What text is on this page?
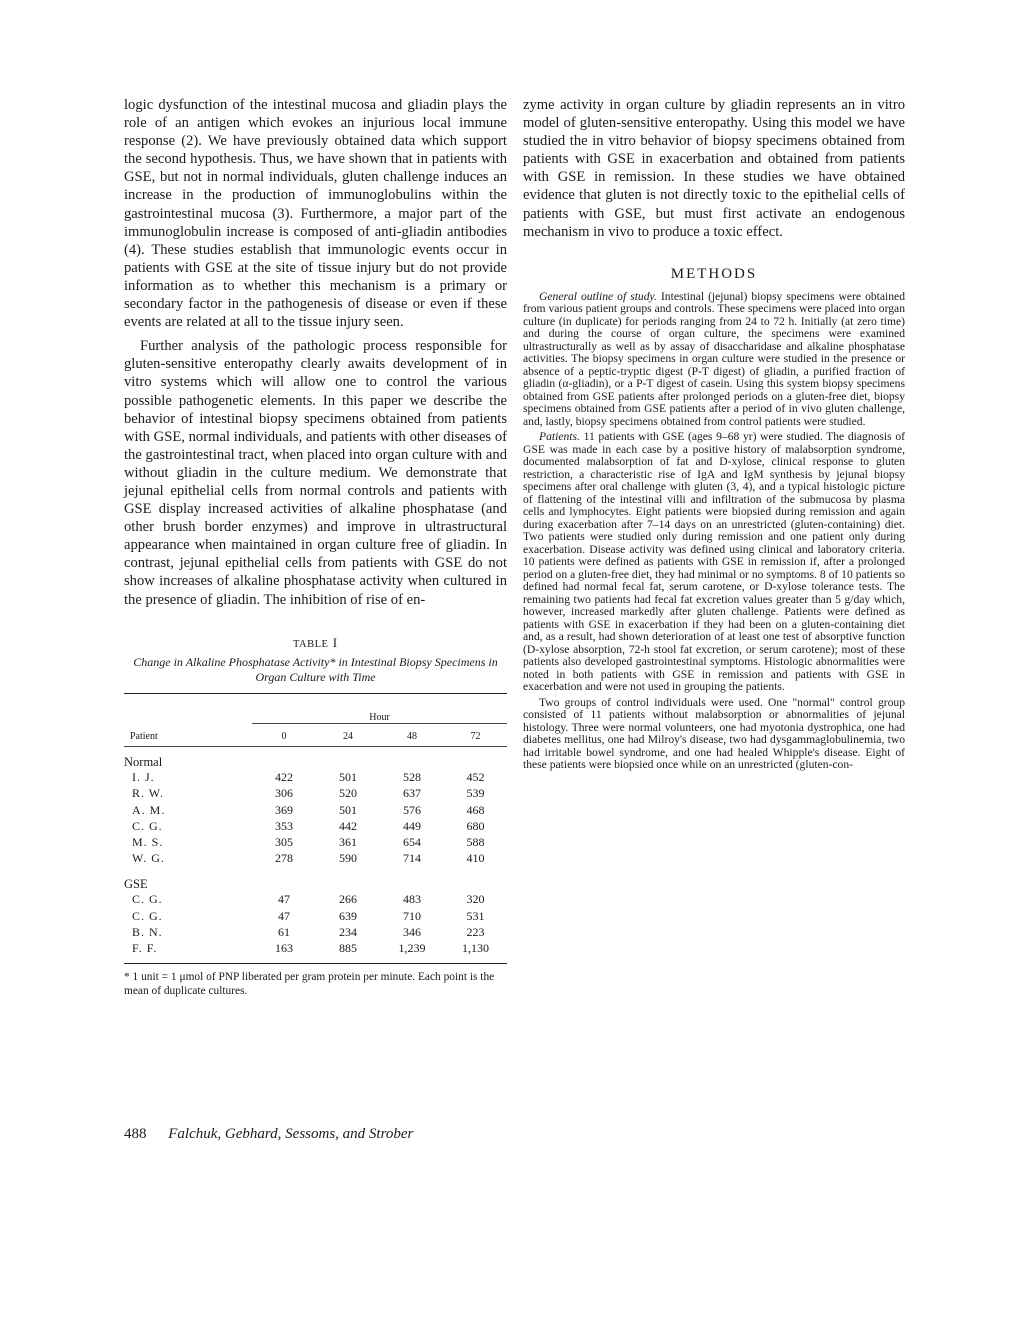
logic dysfunction of the intestinal mucosa and gliadin plays the role of an antigen which evokes an injurious local immune response (2). We have previously obtained data which support the second hypothesis. Thus, we have shown that in patients with GSE, but not in normal individuals, gluten challenge induces an increase in the production of immunoglobulins within the gastrointestinal mucosa (3). Furthermore, a major part of the immunoglobulin increase is composed of anti-gliadin antibodies (4). These studies establish that immunologic events occur in patients with GSE at the site of tissue injury but do not provide information as to whether this mechanism is a primary or secondary factor in the pathogenesis of disease or even if these events are related at all to the tissue injury seen.

Further analysis of the pathologic process responsible for gluten-sensitive enteropathy clearly awaits development of in vitro systems which will allow one to control the various possible pathogenetic elements. In this paper we describe the behavior of intestinal biopsy specimens obtained from patients with GSE, normal individuals, and patients with other diseases of the gastrointestinal tract, when placed into organ culture with and without gliadin in the culture medium. We demonstrate that jejunal epithelial cells from normal controls and patients with GSE display increased activities of alkaline phosphatase (and other brush border enzymes) and improve in ultrastructural appearance when maintained in organ culture free of gliadin. In contrast, jejunal epithelial cells from patients with GSE do not show increases of alkaline phosphatase activity when cultured in the presence of gliadin. The inhibition of rise of en-

TABLE I
Change in Alkaline Phosphatase Activity* in Intestinal Biopsy Specimens in Organ Culture with Time
	Hour			

Patient	0	24	48	72

Normal				
I. J.	422	501	528	452
R. W.	306	520	637	539
A. M.	369	501	576	468
C. G.	353	442	449	680
M. S.	305	361	654	588
W. G.	278	590	714	410
GSE				
C. G.	47	266	483	320
C. G.	47	639	710	531
B. N.	61	234	346	223
F. F.	163	885	1,239	1,130

* 1 unit = 1 μmol of PNP liberated per gram protein per minute. Each point is the mean of duplicate cultures.

zyme activity in organ culture by gliadin represents an in vitro model of gluten-sensitive enteropathy. Using this model we have studied the in vitro behavior of biopsy specimens obtained from patients with GSE in exacerbation and obtained from patients with GSE in remission. In these studies we have obtained evidence that gluten is not directly toxic to the epithelial cells of patients with GSE, but must first activate an endogenous mechanism in vivo to produce a toxic effect.

METHODS

General outline of study. Intestinal (jejunal) biopsy specimens were obtained from various patient groups and controls. These specimens were placed into organ culture (in duplicate) for periods ranging from 24 to 72 h. Initially (at zero time) and during the course of organ culture, the specimens were examined ultrastructurally as well as by assay of disaccharidase and alkaline phosphatase activities. The biopsy specimens in organ culture were studied in the presence or absence of a peptic-tryptic digest (P-T digest) of gliadin, a purified fraction of gliadin (α-gliadin), or a P-T digest of casein. Using this system biopsy specimens obtained from GSE patients after prolonged periods on a gluten-free diet, biopsy specimens obtained from GSE patients after a period of in vivo gluten challenge, and, lastly, biopsy specimens obtained from control patients were studied.

Patients. 11 patients with GSE (ages 9–68 yr) were studied. The diagnosis of GSE was made in each case by a positive history of malabsorption syndrome, documented malabsorption of fat and D-xylose, clinical response to gluten restriction, a characteristic rise of IgA and IgM synthesis by jejunal biopsy specimens after oral challenge with gluten (3, 4), and a typical histologic picture of flattening of the intestinal villi and infiltration of the submucosa by plasma cells and lymphocytes. Eight patients were biopsied during remission and again during exacerbation after 7–14 days on an unrestricted (gluten-containing) diet. Two patients were studied only during remission and one patient only during exacerbation. Disease activity was defined using clinical and laboratory criteria. 10 patients were defined as patients with GSE in remission if, after a prolonged period on a gluten-free diet, they had minimal or no symptoms. 8 of 10 patients so defined had normal fecal fat, serum carotene, or D-xylose tolerance tests. The remaining two patients had fecal fat excretion values greater than 5 g/day which, however, increased markedly after gluten challenge. Patients were defined as patients with GSE in exacerbation if they had been on a gluten-containing diet and, as a result, had shown deterioration of at least one test of absorptive function (D-xylose absorption, 72-h stool fat excretion, or serum carotene); most of these patients also developed gastrointestinal symptoms. Histologic abnormalities were noted in both patients with GSE in remission and patients with GSE in exacerbation and were not used in grouping the patients.

Two groups of control individuals were used. One "normal" control group consisted of 11 patients without malabsorption or abnormalities of jejunal histology. Three were normal volunteers, one had myotonia dystrophica, one had diabetes mellitus, one had Milroy's disease, two had dysgammaglobulinemia, two had irritable bowel syndrome, and one had healed Whipple's disease. Eight of these patients were biopsied once while on an unrestricted (gluten-con-

488 Falchuk, Gebhard, Sessoms, and Strober
